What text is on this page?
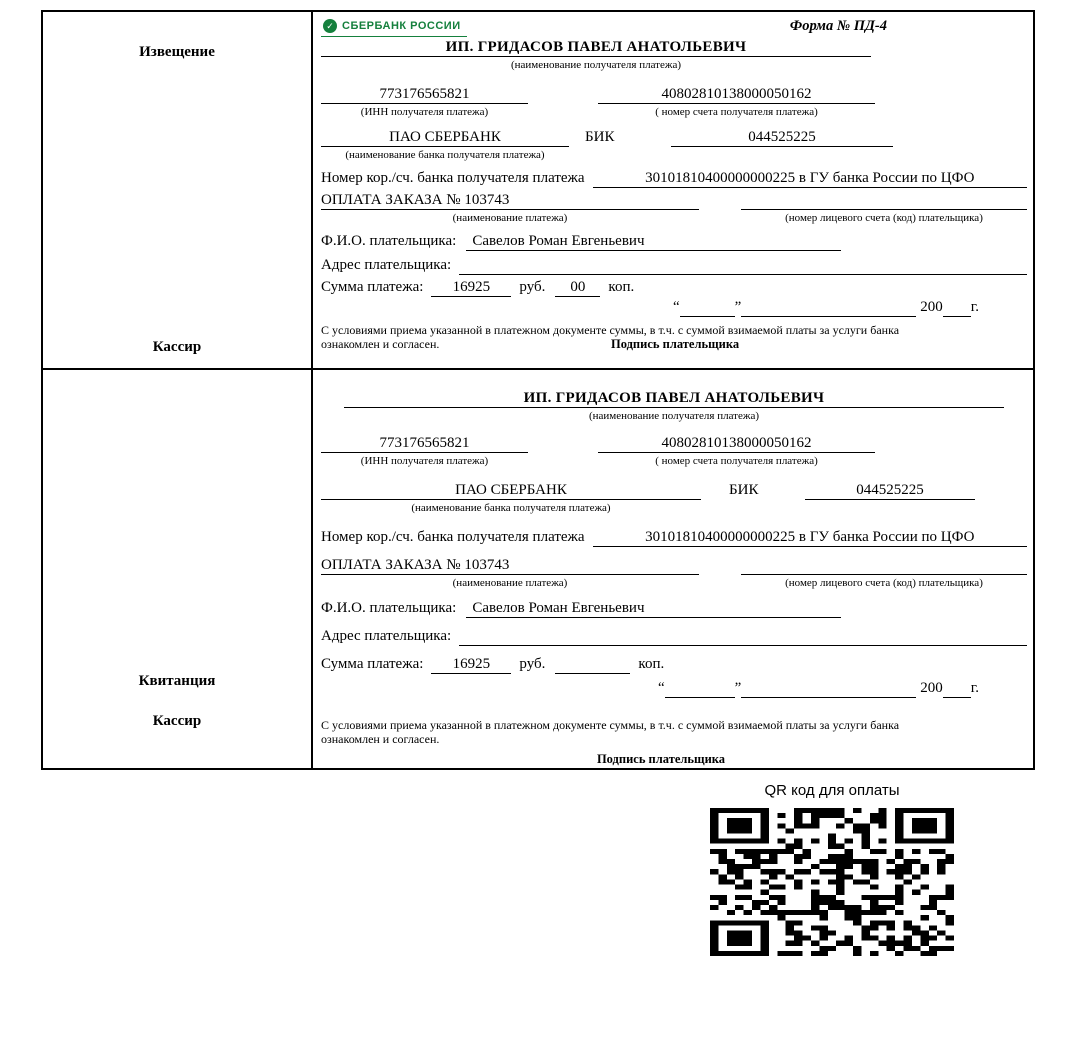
Извещение
Кассир
✓
СБЕРБАНК РОССИИ	Форма № ПД-4
ИП. ГРИДАСОВ ПАВЕЛ АНАТОЛЬЕВИЧ
(наименование получателя платежа)
773176565821	40802810138000050162
(ИНН получателя платежа)	( номер счета получателя платежа)
ПАО СБЕРБАНК	БИК	044525225
(наименование банка получателя платежа)
Номер кор./сч. банка получателя платежа	30101810400000000225 в ГУ банка России по ЦФО
ОПЛАТА ЗАКАЗА № 103743
(наименование платежа)	(номер лицевого счета (код) плательщика)
Ф.И.О. плательщика:	Савелов Роман Евгеньевич
Адрес плательщика:
Сумма платежа:	16925	руб.	00	коп.
“	”	200 г.
С условиями приема указанной в платежном документе суммы, в т.ч. с суммой взимаемой платы за услуги банка
ознакомлен и согласен.	Подпись плательщика
Квитанция
Кассир
ИП. ГРИДАСОВ ПАВЕЛ АНАТОЛЬЕВИЧ
(наименование получателя платежа)
773176565821	40802810138000050162
(ИНН получателя платежа)	( номер счета получателя платежа)
ПАО СБЕРБАНК	БИК	044525225
(наименование банка получателя платежа)
Номер кор./сч. банка получателя платежа	30101810400000000225 в ГУ банка России по ЦФО
ОПЛАТА ЗАКАЗА № 103743
(наименование платежа)	(номер лицевого счета (код) плательщика)
Ф.И.О. плательщика:	Савелов Роман Евгеньевич
Адрес плательщика:
Сумма платежа:	16925	руб.	коп.
“	”	200 г.
С условиями приема указанной в платежном документе суммы, в т.ч. с суммой взимаемой платы за услуги банка
ознакомлен и согласен.
Подпись плательщика
QR код для оплаты
